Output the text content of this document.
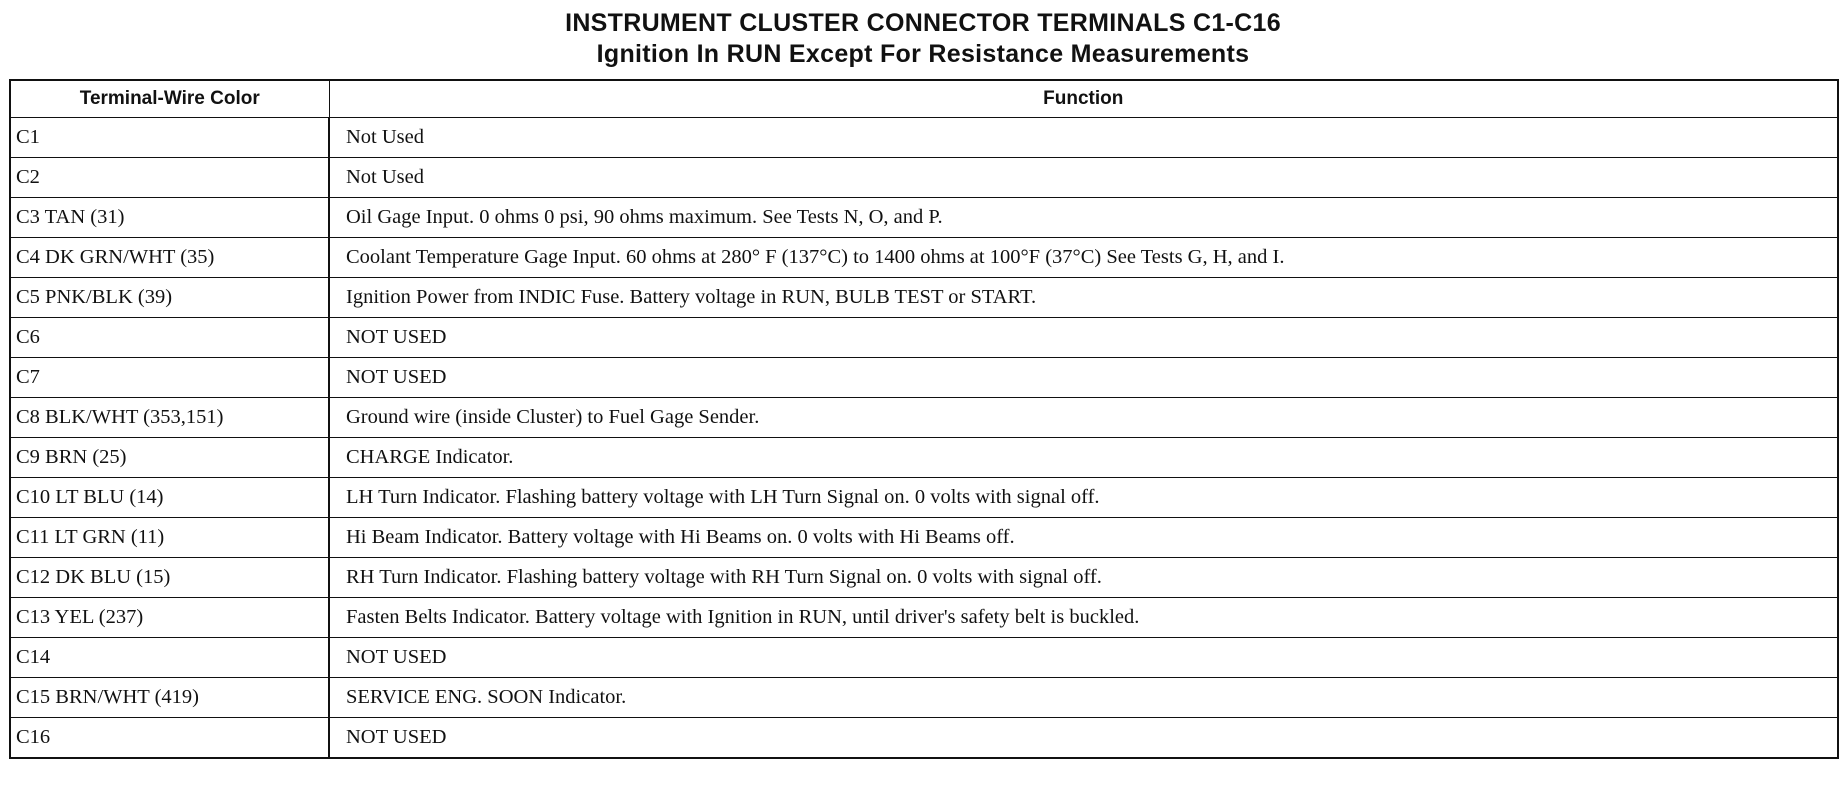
INSTRUMENT CLUSTER CONNECTOR TERMINALS C1-C16
Ignition In RUN Except For Resistance Measurements
Terminal-Wire Color	Function
C1	Not Used
C2	Not Used
C3 TAN (31)	Oil Gage Input. 0 ohms 0 psi, 90 ohms maximum. See Tests N, O, and P.
C4 DK GRN/WHT (35)	Coolant Temperature Gage Input. 60 ohms at 280° F (137°C) to 1400 ohms at 100°F (37°C) See Tests G, H, and I.
C5 PNK/BLK (39)	Ignition Power from INDIC Fuse. Battery voltage in RUN, BULB TEST or START.
C6	NOT USED
C7	NOT USED
C8 BLK/WHT (353,151)	Ground wire (inside Cluster) to Fuel Gage Sender.
C9 BRN (25)	CHARGE Indicator.
C10 LT BLU (14)	LH Turn Indicator. Flashing battery voltage with LH Turn Signal on. 0 volts with signal off.
C11 LT GRN (11)	Hi Beam Indicator. Battery voltage with Hi Beams on. 0 volts with Hi Beams off.
C12 DK BLU (15)	RH Turn Indicator. Flashing battery voltage with RH Turn Signal on. 0 volts with signal off.
C13 YEL (237)	Fasten Belts Indicator. Battery voltage with Ignition in RUN, until driver's safety belt is buckled.
C14	NOT USED
C15 BRN/WHT (419)	SERVICE ENG. SOON Indicator.
C16	NOT USED
